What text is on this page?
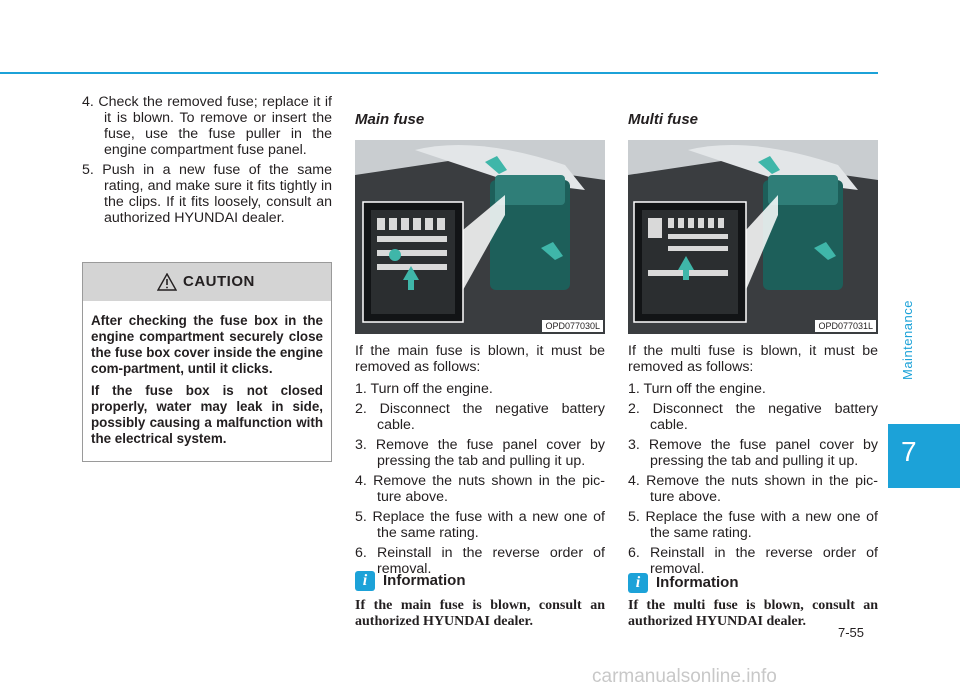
Maintenance
7

4. Check the removed fuse; replace it if it is blown. To remove or insert the fuse, use the fuse puller in the engine compartment fuse panel.

5. Push in a new fuse of the same rating, and make sure it fits tightly in the clips. If it fits loosely, consult an authorized HYUNDAI dealer.

CAUTION

After checking the fuse box in the engine compartment securely close the fuse box cover inside the engine com-partment, until it clicks.

If the fuse box is not closed properly, water may leak in side, possibly causing a malfunction with the electrical system.

Main fuse
OPD077030L

If the main fuse is blown, it must be removed as follows:

1. Turn off the engine.

2. Disconnect the negative battery cable.

3. Remove the fuse panel cover by pressing the tab and pulling it up.

4. Remove the nuts shown in the pic-ture above.

5. Replace the fuse with a new one of the same rating.

6. Reinstall in the reverse order of removal.

i	Information
If the main fuse is blown, consult an authorized HYUNDAI dealer.
Multi fuse
OPD077031L

If the multi fuse is blown, it must be removed as follows:

1. Turn off the engine.

2. Disconnect the negative battery cable.

3. Remove the fuse panel cover by pressing the tab and pulling it up.

4. Remove the nuts shown in the pic-ture above.

5. Replace the fuse with a new one of the same rating.

6. Reinstall in the reverse order of removal.

i	Information
If the multi fuse is blown, consult an authorized HYUNDAI dealer.
7-55
carmanualsonline.info
